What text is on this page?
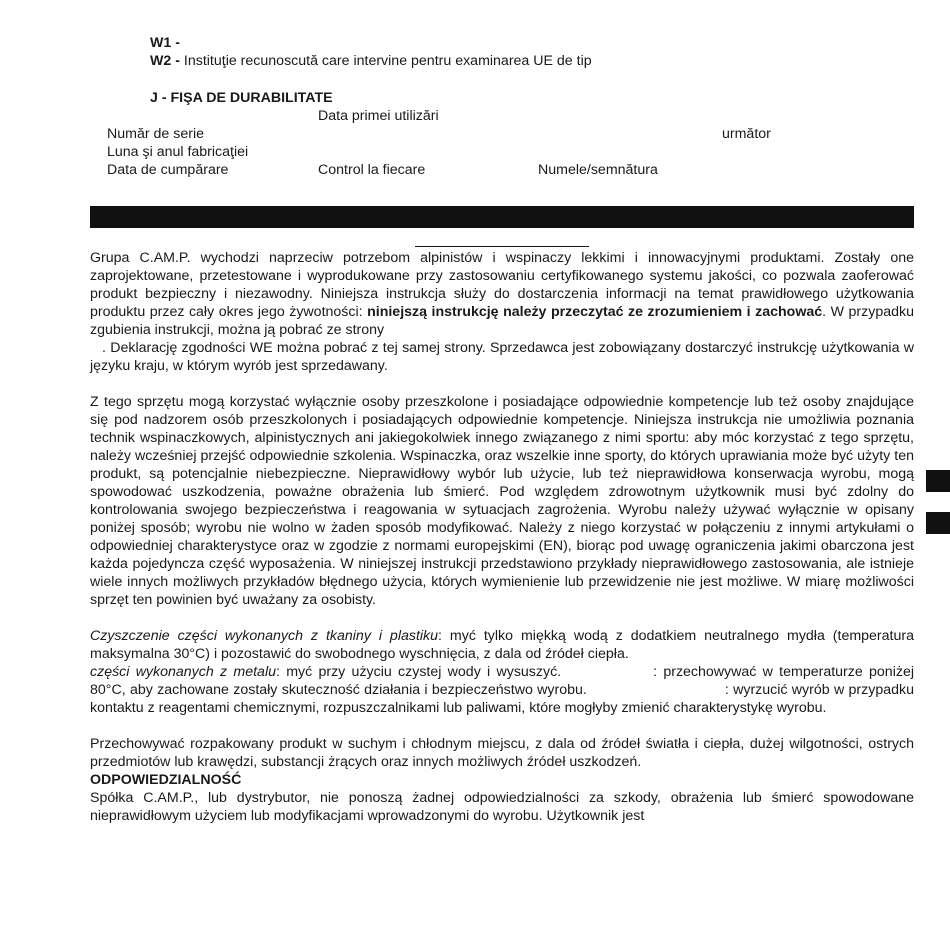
W1 -
W2 - Instituţie recunoscută care intervine pentru examinarea UE de tip
J - FIŞA DE DURABILITATE
Data primei utilizări
Număr de serie	următor
Luna şi anul fabricaţiei
Data de cumpărare	Control la fiecare	Numele/semnătura

Grupa C.AM.P. wychodzi naprzeciw potrzebom alpinistów i wspinaczy lekkimi i innowacyjnymi produktami. Zostały one zaprojektowane, przetestowane i wyprodukowane przy zastosowaniu certyfikowanego systemu jakości, co pozwala zaoferować produkt bezpieczny i niezawodny. Niniejsza instrukcja służy do dostarczenia informacji na temat prawidłowego użytkowania produktu przez cały okres jego żywotności: niniejszą instrukcję należy przeczytać ze zrozumieniem i zachować. W przypadku zgubienia instrukcji, można ją pobrać ze strony
. Deklarację zgodności WE można pobrać z tej samej strony. Sprzedawca jest zobowiązany dostarczyć instrukcję użytkowania w języku kraju, w którym wyrób jest sprzedawany.

Z tego sprzętu mogą korzystać wyłącznie osoby przeszkolone i posiadające odpowiednie kompetencje lub też osoby znajdujące się pod nadzorem osób przeszkolonych i posiadających odpowiednie kompetencje. Niniejsza instrukcja nie umożliwia poznania technik wspinaczkowych, alpinistycznych ani jakiegokolwiek innego związanego z nimi sportu: aby móc korzystać z tego sprzętu, należy wcześniej przejść odpowiednie szkolenia. Wspinaczka, oraz wszelkie inne sporty, do których uprawiania może być użyty ten produkt, są potencjalnie niebezpieczne. Nieprawidłowy wybór lub użycie, lub też nieprawidłowa konserwacja wyrobu, mogą spowodować uszkodzenia, poważne obrażenia lub śmierć. Pod względem zdrowotnym użytkownik musi być zdolny do kontrolowania swojego bezpieczeństwa i reagowania w sytuacjach zagrożenia. Wyrobu należy używać wyłącznie w opisany poniżej sposób; wyrobu nie wolno w żaden sposób modyfikować. Należy z niego korzystać w połączeniu z innymi artykułami o odpowiedniej charakterystyce oraz w zgodzie z normami europejskimi (EN), biorąc pod uwagę ograniczenia jakimi obarczona jest każda pojedyncza część wyposażenia. W niniejszej instrukcji przedstawiono przykłady nieprawidłowego zastosowania, ale istnieje wiele innych możliwych przykładów błędnego użycia, których wymienienie lub przewidzenie nie jest możliwe. W miarę możliwości sprzęt ten powinien być uważany za osobisty.

Czyszczenie części wykonanych z tkaniny i plastiku: myć tylko miękką wodą z dodatkiem neutralnego mydła (temperatura maksymalna 30°C) i pozostawić do swobodnego wyschnięcia, z dala od źródeł ciepła.
części wykonanych z metalu: myć przy użyciu czystej wody i wysuszyć.	: przechowywać w temperaturze poniżej 80°C, aby zachowane zostały skuteczność działania i bezpieczeństwo wyrobu.	: wyrzucić wyrób w przypadku kontaktu z reagentami chemicznymi, rozpuszczalnikami lub paliwami, które mogłyby zmienić charakterystykę wyrobu.

Przechowywać rozpakowany produkt w suchym i chłodnym miejscu, z dala od źródeł światła i ciepła, dużej wilgotności, ostrych przedmiotów lub krawędzi, substancji żrących oraz innych możliwych źródeł uszkodzeń.

ODPOWIEDZIALNOŚĆ

Spółka C.AM.P., lub dystrybutor, nie ponoszą żadnej odpowiedzialności za szkody, obrażenia lub śmierć spowodowane nieprawidłowym użyciem lub modyfikacjami wprowadzonymi do wyrobu. Użytkownik jest
